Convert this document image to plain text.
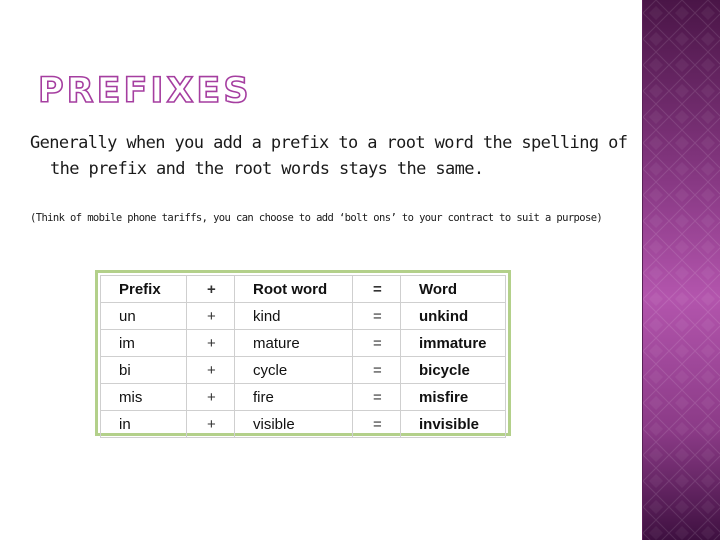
PREFIXES
Generally when you add a prefix to a root word the spelling of the prefix and the root words stays the same.
(Think of mobile phone tariffs, you can choose to add ‘bolt ons’ to your contract to suit a purpose)
Prefix	+	Root word	=	Word
un	+	kind	=	unkind
im	+	mature	=	immature
bi	+	cycle	=	bicycle
mis	+	fire	=	misfire
in	+	visible	=	invisible
